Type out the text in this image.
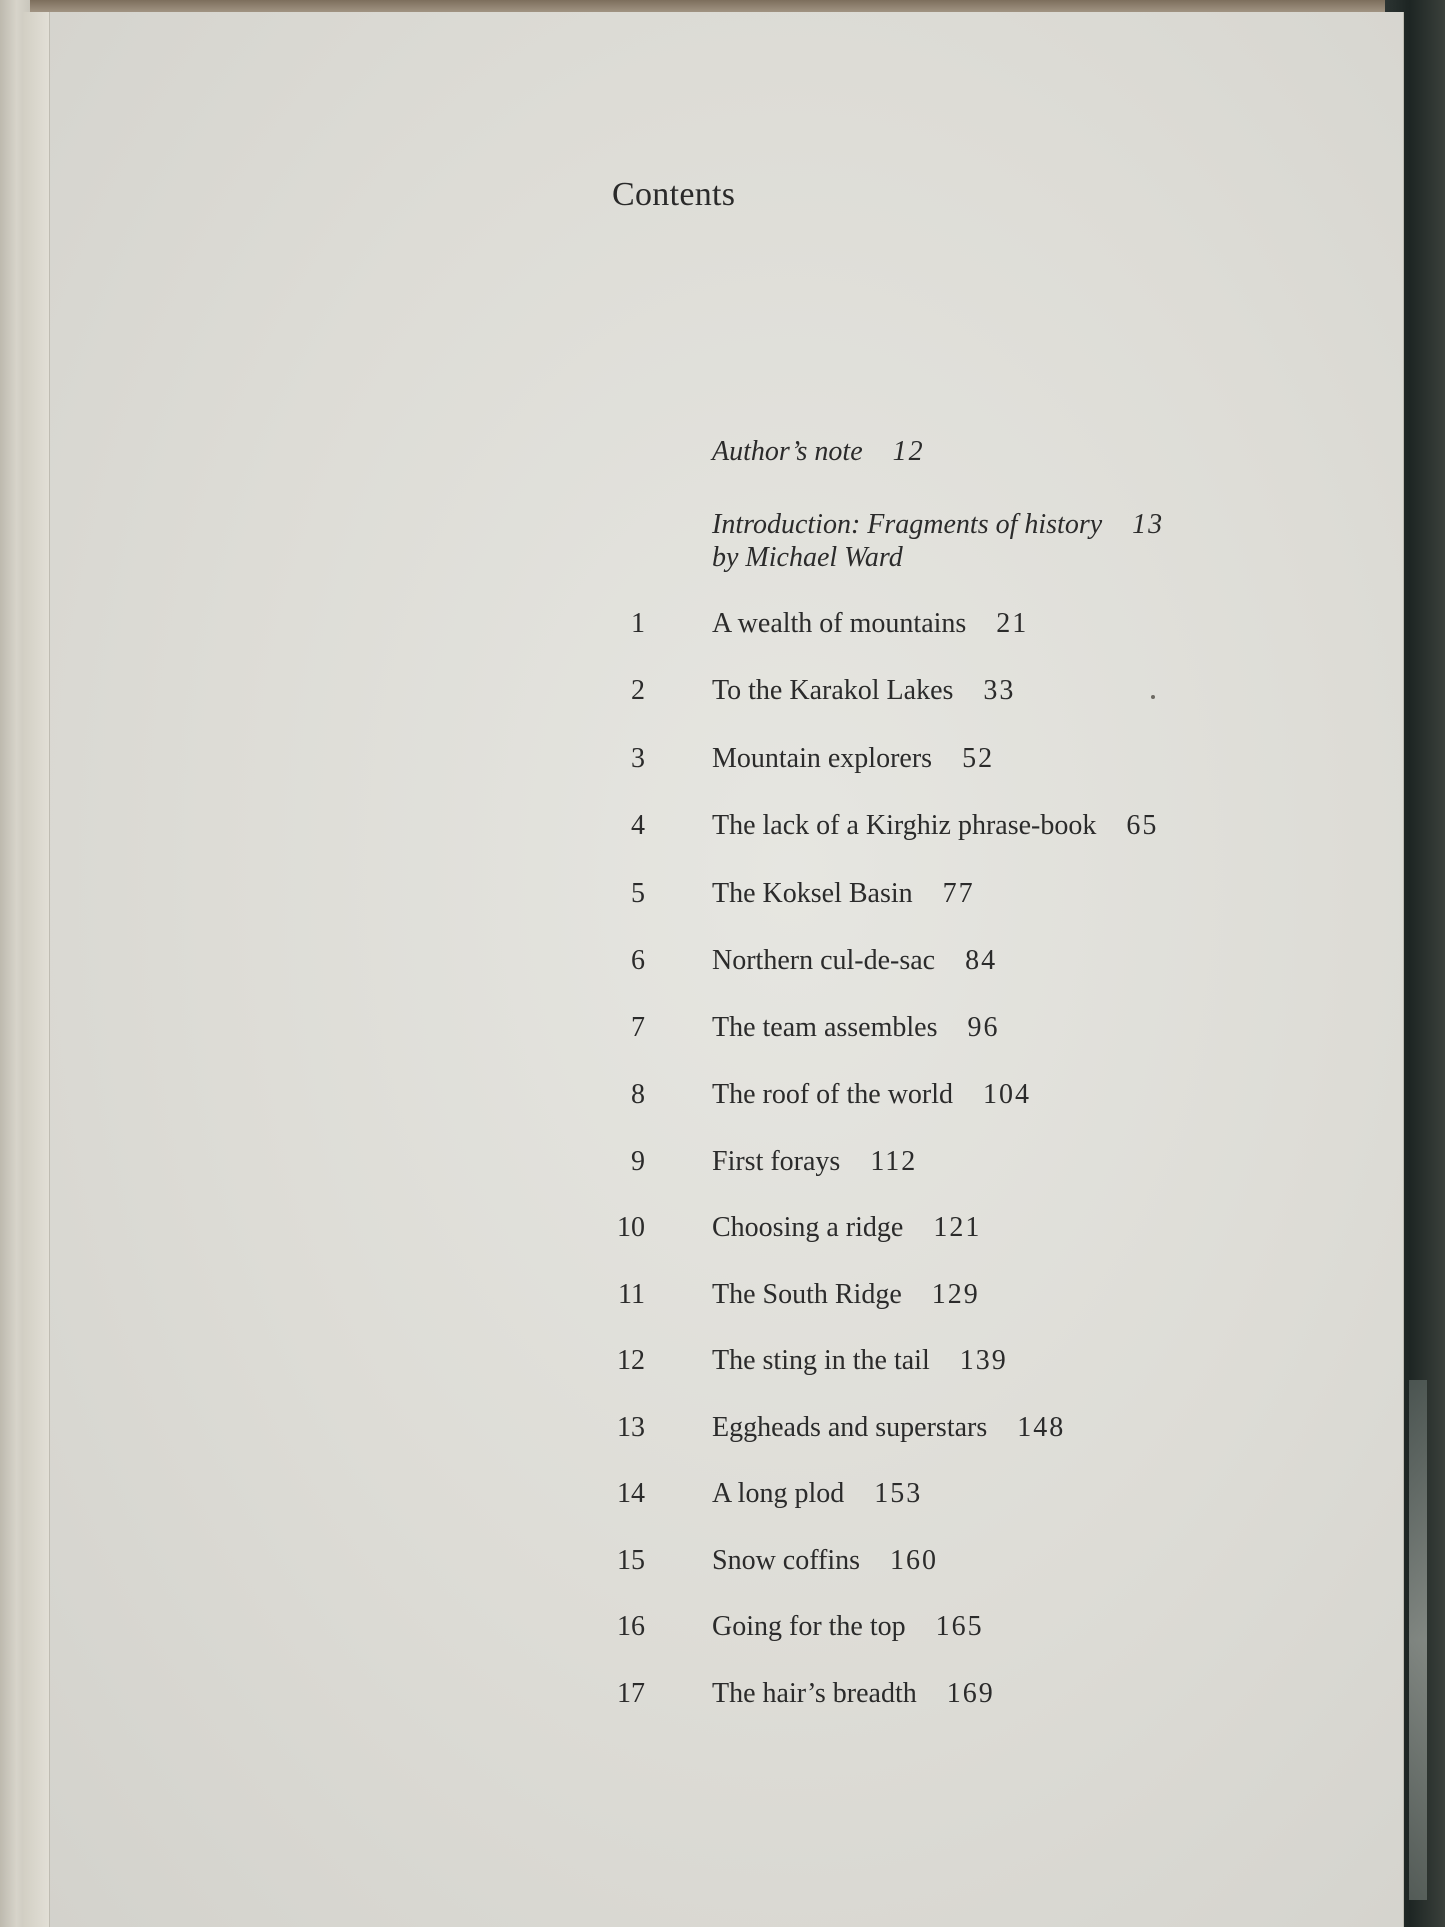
Contents
Author’s note 12
Introduction: Fragments of history 13
by Michael Ward
1 A wealth of mountains 21
2 To the Karakol Lakes 33
3 Mountain explorers 52
4 The lack of a Kirghiz phrase-book 65
5 The Koksel Basin 77
6 Northern cul-de-sac 84
7 The team assembles 96
8 The roof of the world 104
9 First forays 112
10 Choosing a ridge 121
11 The South Ridge 129
12 The sting in the tail 139
13 Eggheads and superstars 148
14 A long plod 153
15 Snow coffins 160
16 Going for the top 165
17 The hair’s breadth 169
